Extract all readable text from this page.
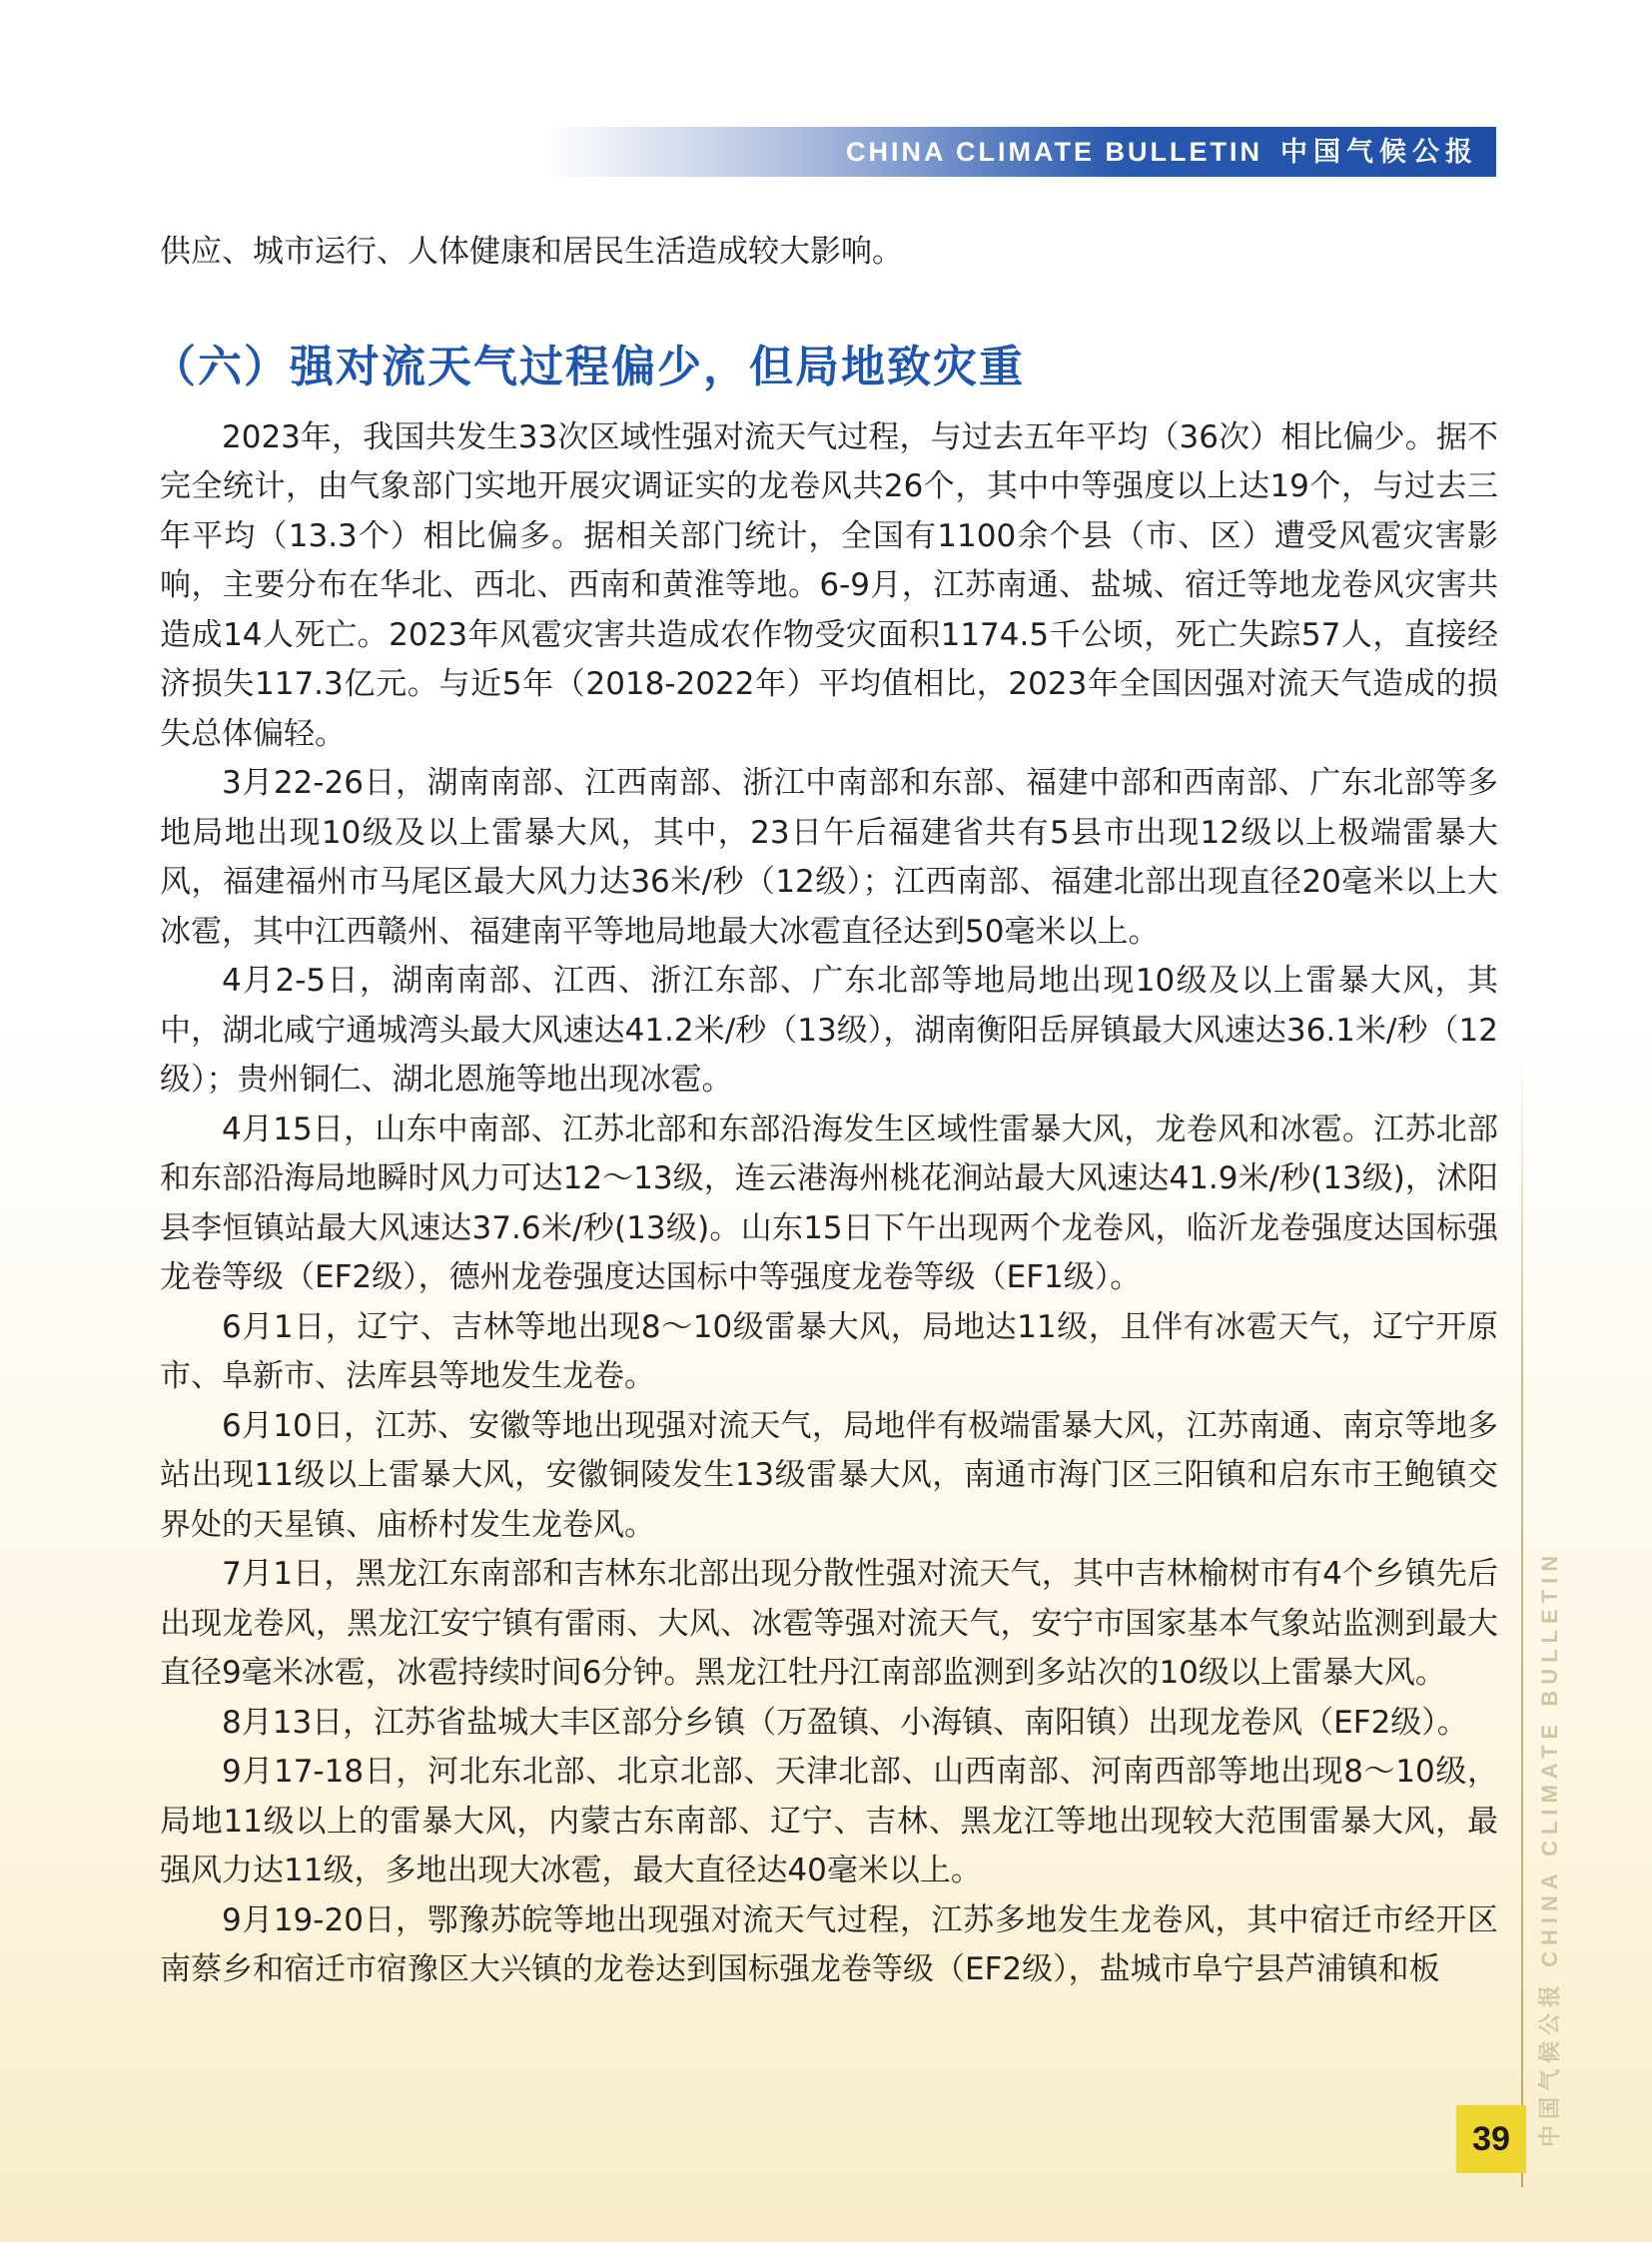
CHINA CLIMATE BULLETIN 中国气候公报

供应、城市运行、人体健康和居民生活造成较大影响。

（六）强对流天气过程偏少，但局地致灾重

2023年，我国共发生33次区域性强对流天气过程，与过去五年平均（36次）相比偏少。据不完全统计，由气象部门实地开展灾调证实的龙卷风共26个，其中中等强度以上达19个，与过去三年平均（13.3个）相比偏多。据相关部门统计，全国有1100余个县（市、区）遭受风雹灾害影响，主要分布在华北、西北、西南和黄淮等地。6-9月，江苏南通、盐城、宿迁等地龙卷风灾害共造成14人死亡。2023年风雹灾害共造成农作物受灾面积1174.5千公顷，死亡失踪57人，直接经济损失117.3亿元。与近5年（2018-2022年）平均值相比，2023年全国因强对流天气造成的损失总体偏轻。

3月22-26日，湖南南部、江西南部、浙江中南部和东部、福建中部和西南部、广东北部等多地局地出现10级及以上雷暴大风，其中，23日午后福建省共有5县市出现12级以上极端雷暴大风，福建福州市马尾区最大风力达36米/秒（12级）；江西南部、福建北部出现直径20毫米以上大冰雹，其中江西赣州、福建南平等地局地最大冰雹直径达到50毫米以上。

4月2-5日，湖南南部、江西、浙江东部、广东北部等地局地出现10级及以上雷暴大风，其中，湖北咸宁通城湾头最大风速达41.2米/秒（13级），湖南衡阳岳屏镇最大风速达36.1米/秒（12级）；贵州铜仁、湖北恩施等地出现冰雹。

4月15日，山东中南部、江苏北部和东部沿海发生区域性雷暴大风，龙卷风和冰雹。江苏北部和东部沿海局地瞬时风力可达12～13级，连云港海州桃花涧站最大风速达41.9米/秒(13级)，沭阳县李恒镇站最大风速达37.6米/秒(13级)。山东15日下午出现两个龙卷风，临沂龙卷强度达国标强龙卷等级（EF2级），德州龙卷强度达国标中等强度龙卷等级（EF1级）。

6月1日，辽宁、吉林等地出现8～10级雷暴大风，局地达11级，且伴有冰雹天气，辽宁开原市、阜新市、法库县等地发生龙卷。

6月10日，江苏、安徽等地出现强对流天气，局地伴有极端雷暴大风，江苏南通、南京等地多站出现11级以上雷暴大风，安徽铜陵发生13级雷暴大风，南通市海门区三阳镇和启东市王鲍镇交界处的天星镇、庙桥村发生龙卷风。

7月1日，黑龙江东南部和吉林东北部出现分散性强对流天气，其中吉林榆树市有4个乡镇先后出现龙卷风，黑龙江安宁镇有雷雨、大风、冰雹等强对流天气，安宁市国家基本气象站监测到最大直径9毫米冰雹，冰雹持续时间6分钟。黑龙江牡丹江南部监测到多站次的10级以上雷暴大风。

8月13日，江苏省盐城大丰区部分乡镇（万盈镇、小海镇、南阳镇）出现龙卷风（EF2级）。

9月17-18日，河北东北部、北京北部、天津北部、山西南部、河南西部等地出现8～10级，局地11级以上的雷暴大风，内蒙古东南部、辽宁、吉林、黑龙江等地出现较大范围雷暴大风，最强风力达11级，多地出现大冰雹，最大直径达40毫米以上。

9月19-20日，鄂豫苏皖等地出现强对流天气过程，江苏多地发生龙卷风，其中宿迁市经开区南蔡乡和宿迁市宿豫区大兴镇的龙卷达到国标强龙卷等级（EF2级），盐城市阜宁县芦浦镇和板	中国气候公报 CHINA CLIMATE BULLETIN
39
